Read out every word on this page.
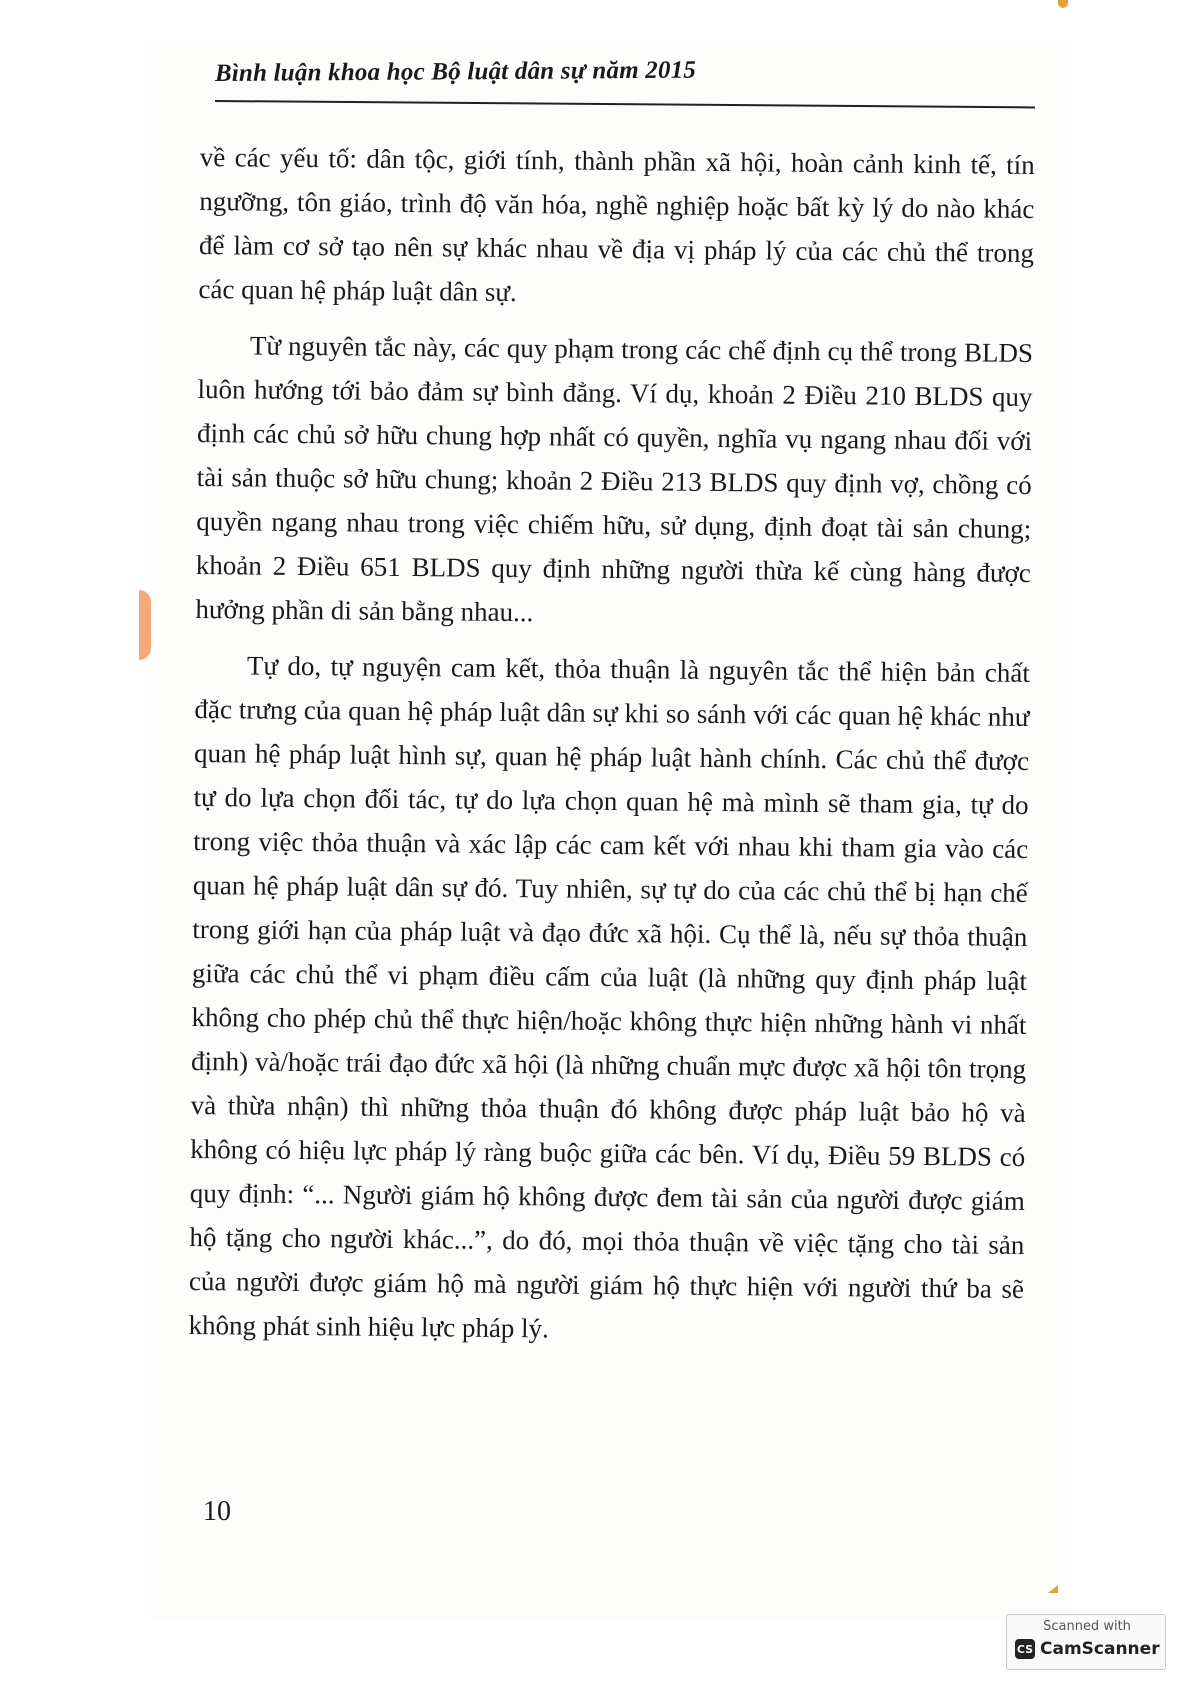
Bình luận khoa học Bộ luật dân sự năm 2015

về các yếu tố: dân tộc, giới tính, thành phần xã hội, hoàn cảnh kinh tế, tín ngưỡng, tôn giáo, trình độ văn hóa, nghề nghiệp hoặc bất kỳ lý do nào khác để làm cơ sở tạo nên sự khác nhau về địa vị pháp lý của các chủ thể trong các quan hệ pháp luật dân sự.

Từ nguyên tắc này, các quy phạm trong các chế định cụ thể trong BLDS luôn hướng tới bảo đảm sự bình đẳng. Ví dụ, khoản 2 Điều 210 BLDS quy định các chủ sở hữu chung hợp nhất có quyền, nghĩa vụ ngang nhau đối với tài sản thuộc sở hữu chung; khoản 2 Điều 213 BLDS quy định vợ, chồng có quyền ngang nhau trong việc chiếm hữu, sử dụng, định đoạt tài sản chung; khoản 2 Điều 651 BLDS quy định những người thừa kế cùng hàng được hưởng phần di sản bằng nhau...

Tự do, tự nguyện cam kết, thỏa thuận là nguyên tắc thể hiện bản chất đặc trưng của quan hệ pháp luật dân sự khi so sánh với các quan hệ khác như quan hệ pháp luật hình sự, quan hệ pháp luật hành chính. Các chủ thể được tự do lựa chọn đối tác, tự do lựa chọn quan hệ mà mình sẽ tham gia, tự do trong việc thỏa thuận và xác lập các cam kết với nhau khi tham gia vào các quan hệ pháp luật dân sự đó. Tuy nhiên, sự tự do của các chủ thể bị hạn chế trong giới hạn của pháp luật và đạo đức xã hội. Cụ thể là, nếu sự thỏa thuận giữa các chủ thể vi phạm điều cấm của luật (là những quy định pháp luật không cho phép chủ thể thực hiện/hoặc không thực hiện những hành vi nhất định) và/hoặc trái đạo đức xã hội (là những chuẩn mực được xã hội tôn trọng và thừa nhận) thì những thỏa thuận đó không được pháp luật bảo hộ và không có hiệu lực pháp lý ràng buộc giữa các bên. Ví dụ, Điều 59 BLDS có quy định: “... Người giám hộ không được đem tài sản của người được giám hộ tặng cho người khác...”, do đó, mọi thỏa thuận về việc tặng cho tài sản của người được giám hộ mà người giám hộ thực hiện với người thứ ba sẽ không phát sinh hiệu lực pháp lý.

10
Scanned with
CS CamScanner
